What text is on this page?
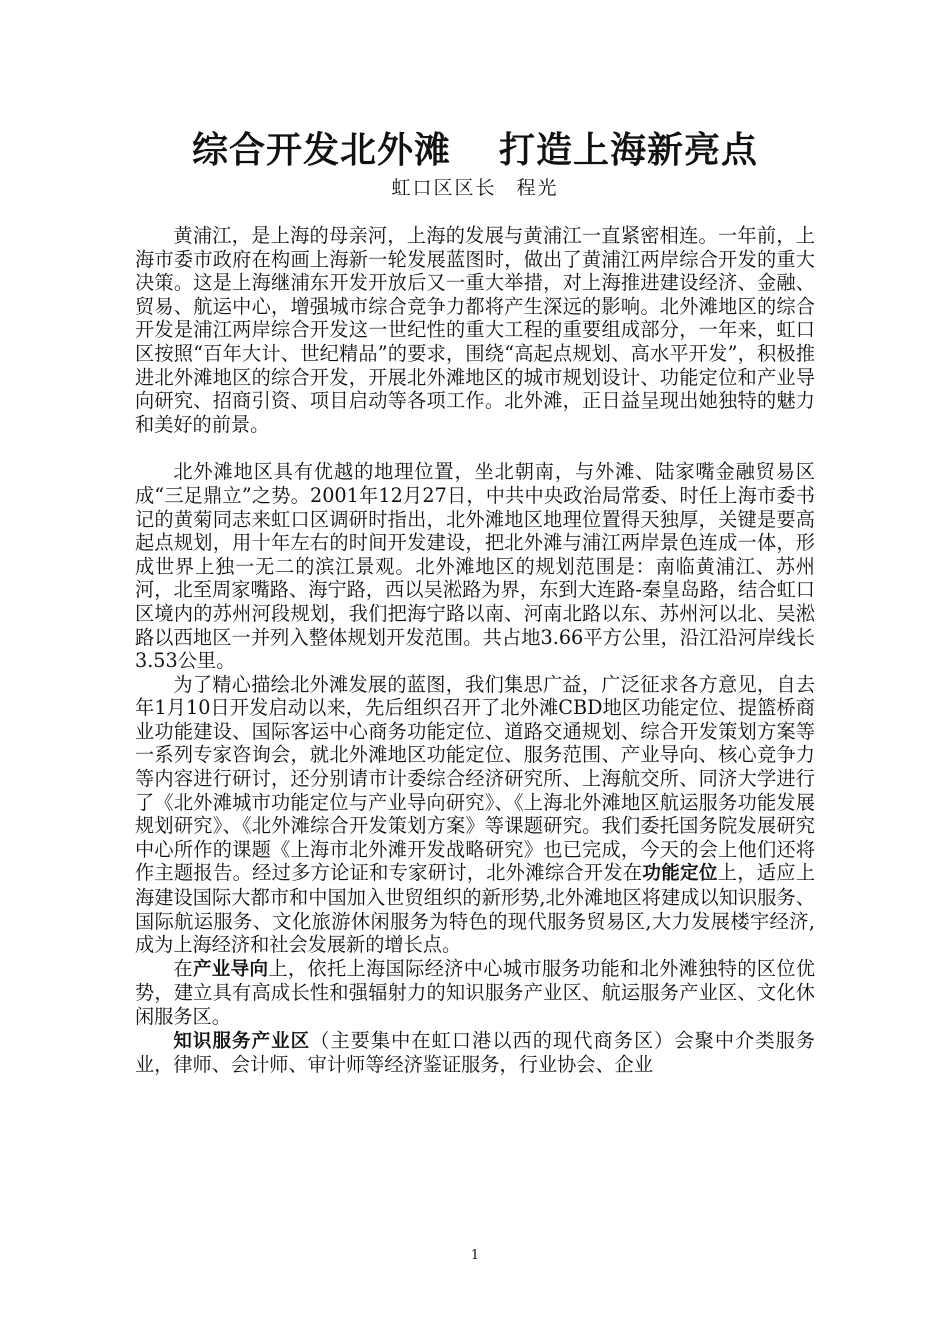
综合开发北外滩 打造上海新亮点

虹口区区长 程光

黄浦江，是上海的母亲河，上海的发展与黄浦江一直紧密相连。一年前，上海市委市政府在构画上海新一轮发展蓝图时，做出了黄浦江两岸综合开发的重大决策。这是上海继浦东开发开放后又一重大举措，对上海推进建设经济、金融、贸易、航运中心，增强城市综合竞争力都将产生深远的影响。北外滩地区的综合开发是浦江两岸综合开发这一世纪性的重大工程的重要组成部分，一年来，虹口区按照“百年大计、世纪精品”的要求，围绕“高起点规划、高水平开发”，积极推进北外滩地区的综合开发，开展北外滩地区的城市规划设计、功能定位和产业导向研究、招商引资、项目启动等各项工作。北外滩，正日益呈现出她独特的魅力和美好的前景。

北外滩地区具有优越的地理位置，坐北朝南，与外滩、陆家嘴金融贸易区成“三足鼎立”之势。2001年12月27日，中共中央政治局常委、时任上海市委书记的黄菊同志来虹口区调研时指出，北外滩地区地理位置得天独厚，关键是要高起点规划，用十年左右的时间开发建设，把北外滩与浦江两岸景色连成一体，形成世界上独一无二的滨江景观。北外滩地区的规划范围是：南临黄浦江、苏州河，北至周家嘴路、海宁路，西以吴淞路为界，东到大连路-秦皇岛路，结合虹口区境内的苏州河段规划，我们把海宁路以南、河南北路以东、苏州河以北、吴淞路以西地区一并列入整体规划开发范围。共占地3.66平方公里，沿江沿河岸线长3.53公里。

为了精心描绘北外滩发展的蓝图，我们集思广益，广泛征求各方意见，自去年1月10日开发启动以来，先后组织召开了北外滩CBD地区功能定位、提篮桥商业功能建设、国际客运中心商务功能定位、道路交通规划、综合开发策划方案等一系列专家咨询会，就北外滩地区功能定位、服务范围、产业导向、核心竞争力等内容进行研讨，还分别请市计委综合经济研究所、上海航交所、同济大学进行了《北外滩城市功能定位与产业导向研究》、《上海北外滩地区航运服务功能发展规划研究》、《北外滩综合开发策划方案》等课题研究。我们委托国务院发展研究中心所作的课题《上海市北外滩开发战略研究》也已完成，今天的会上他们还将作主题报告。经过多方论证和专家研讨，北外滩综合开发在功能定位上，适应上海建设国际大都市和中国加入世贸组织的新形势,北外滩地区将建成以知识服务、国际航运服务、文化旅游休闲服务为特色的现代服务贸易区,大力发展楼宇经济,成为上海经济和社会发展新的增长点。

在产业导向上，依托上海国际经济中心城市服务功能和北外滩独特的区位优势，建立具有高成长性和强辐射力的知识服务产业区、航运服务产业区、文化休闲服务区。

知识服务产业区（主要集中在虹口港以西的现代商务区）会聚中介类服务业，律师、会计师、审计师等经济鉴证服务，行业协会、企业

1
